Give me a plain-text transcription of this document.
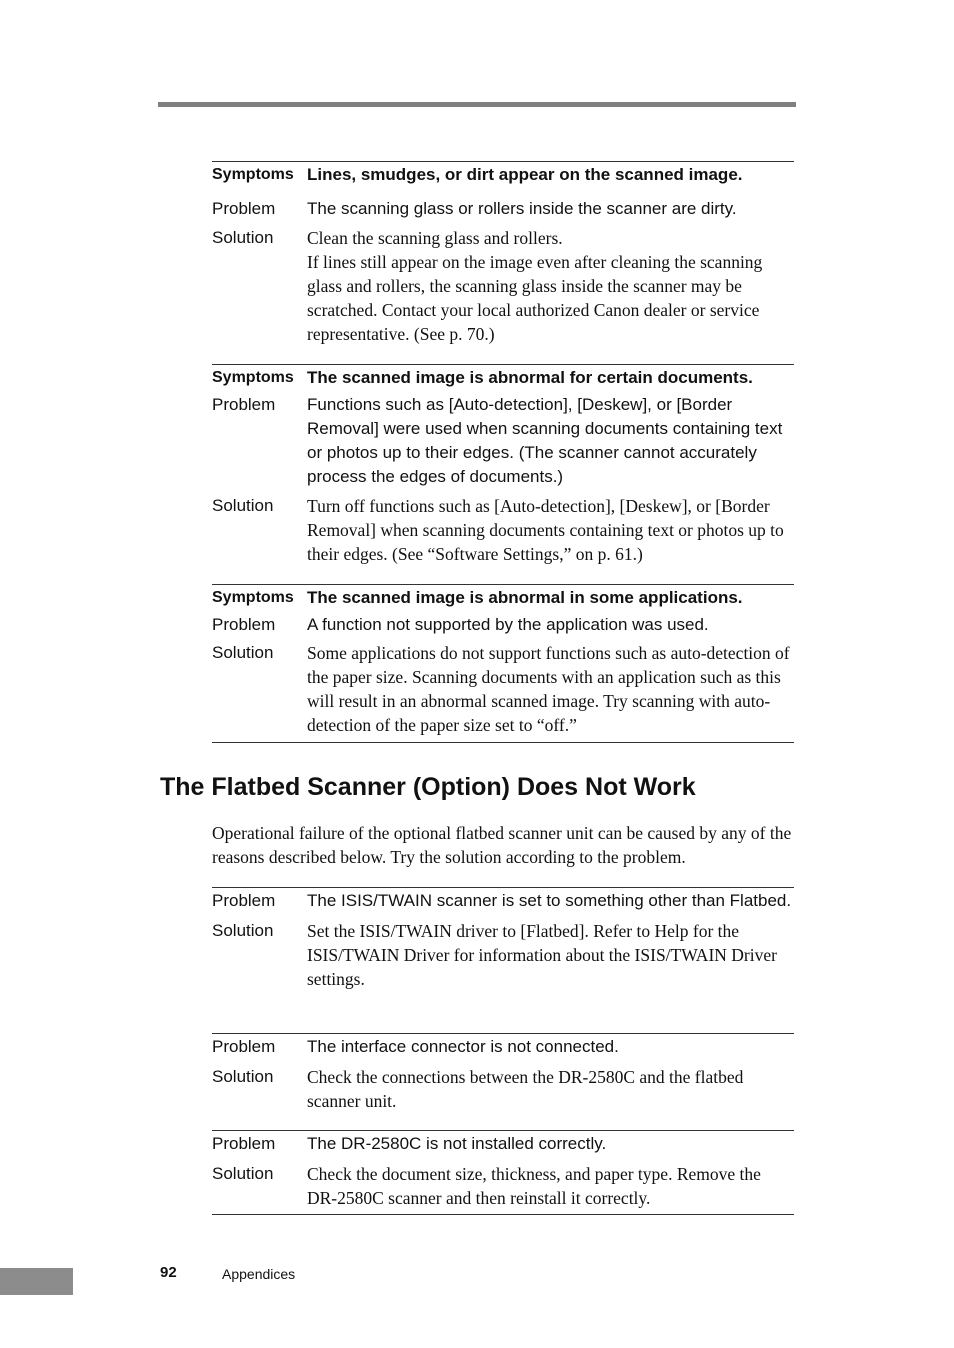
Symptoms Lines, smudges, or dirt appear on the scanned image.
Problem The scanning glass or rollers inside the scanner are dirty.
Solution Clean the scanning glass and rollers.
If lines still appear on the image even after cleaning the scanning glass and rollers, the scanning glass inside the scanner may be scratched. Contact your local authorized Canon dealer or service representative. (See p. 70.)
Symptoms The scanned image is abnormal for certain documents.
Problem Functions such as [Auto-detection], [Deskew], or [Border Removal] were used when scanning documents containing text or photos up to their edges. (The scanner cannot accurately process the edges of documents.)
Solution Turn off functions such as [Auto-detection], [Deskew], or [Border Removal] when scanning documents containing text or photos up to their edges. (See “Software Settings,” on p. 61.)
Symptoms The scanned image is abnormal in some applications.
Problem A function not supported by the application was used.
Solution Some applications do not support functions such as auto-detection of the paper size. Scanning documents with an application such as this will result in an abnormal scanned image. Try scanning with auto-detection of the paper size set to “off.”
The Flatbed Scanner (Option) Does Not Work

Operational failure of the optional flatbed scanner unit can be caused by any of the reasons described below. Try the solution according to the problem.

Problem The ISIS/TWAIN scanner is set to something other than Flatbed.
Solution Set the ISIS/TWAIN driver to [Flatbed]. Refer to Help for the ISIS/TWAIN Driver for information about the ISIS/TWAIN Driver settings.
Problem The interface connector is not connected.
Solution Check the connections between the DR-2580C and the flatbed scanner unit.
Problem The DR-2580C is not installed correctly.
Solution Check the document size, thickness, and paper type. Remove the DR-2580C scanner and then reinstall it correctly.
92	Appendices
